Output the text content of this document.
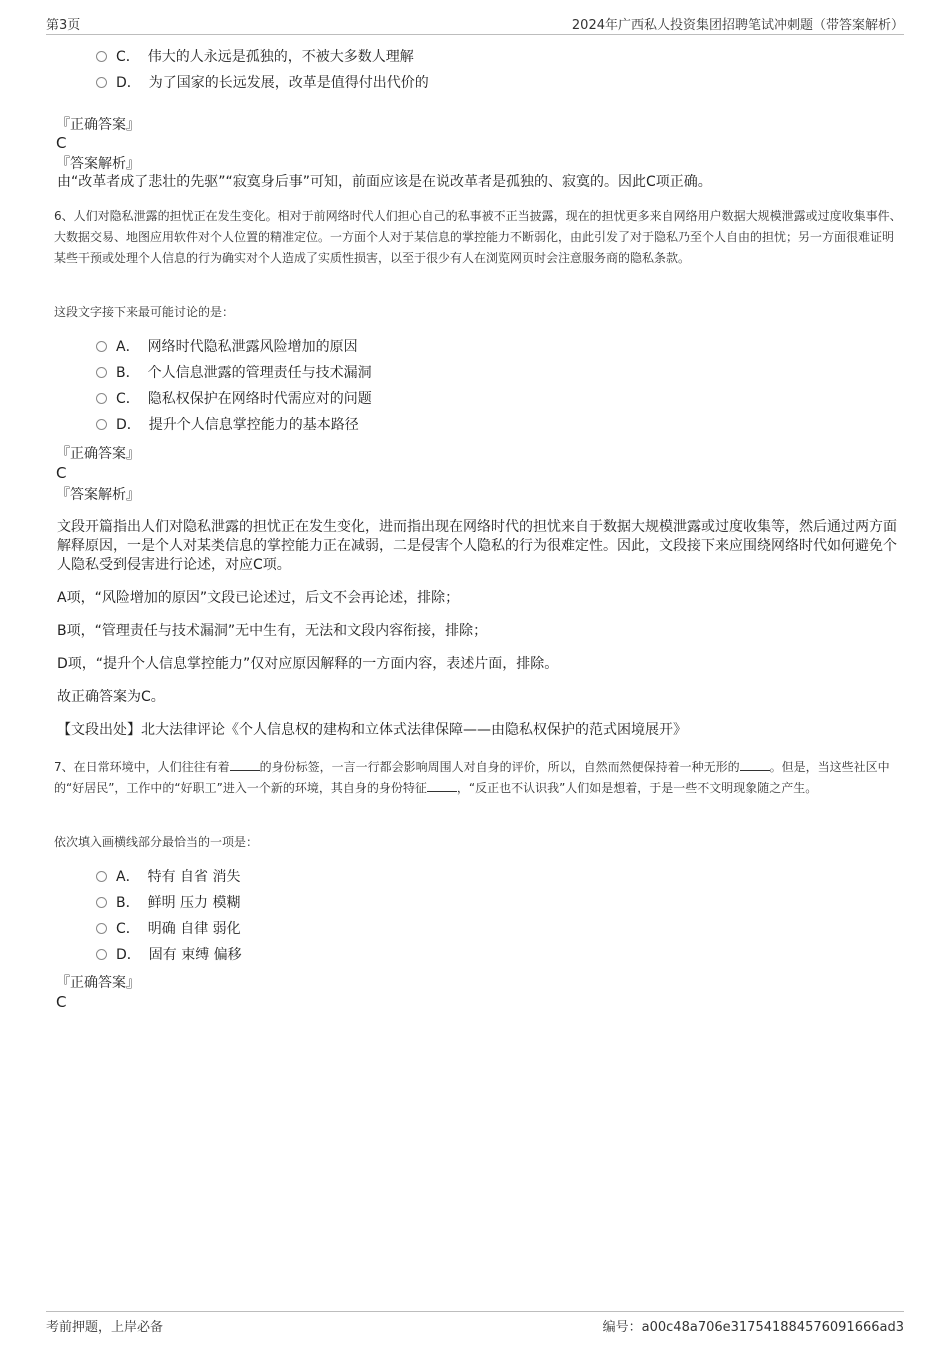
第3页	2024年广西私人投资集团招聘笔试冲刺题（带答案解析）
C． 伟大的人永远是孤独的，不被大多数人理解
D． 为了国家的长远发展，改革是值得付出代价的
『正确答案』
C
『答案解析』
由“改革者成了悲壮的先驱”“寂寞身后事”可知，前面应该是在说改革者是孤独的、寂寞的。因此C项正确。
6、人们对隐私泄露的担忧正在发生变化。相对于前网络时代人们担心自己的私事被不正当披露，现在的担忧更多来自网络用户数据大规模泄露或过度收集事件、大数据交易、地图应用软件对个人位置的精准定位。一方面个人对于某信息的掌控能力不断弱化，由此引发了对于隐私乃至个人自由的担忧；另一方面很难证明某些干预或处理个人信息的行为确实对个人造成了实质性损害，以至于很少有人在浏览网页时会注意服务商的隐私条款。
这段文字接下来最可能讨论的是：
A． 网络时代隐私泄露风险增加的原因
B． 个人信息泄露的管理责任与技术漏洞
C． 隐私权保护在网络时代需应对的问题
D． 提升个人信息掌控能力的基本路径
『正确答案』
C
『答案解析』
文段开篇指出人们对隐私泄露的担忧正在发生变化，进而指出现在网络时代的担忧来自于数据大规模泄露或过度收集等，然后通过两方面解释原因，一是个人对某类信息的掌控能力正在减弱，二是侵害个人隐私的行为很难定性。因此，文段接下来应围绕网络时代如何避免个人隐私受到侵害进行论述，对应C项。
A项，“风险增加的原因”文段已论述过，后文不会再论述，排除；
B项，“管理责任与技术漏洞”无中生有，无法和文段内容衔接，排除；
D项，“提升个人信息掌控能力”仅对应原因解释的一方面内容，表述片面，排除。
故正确答案为C。
【文段出处】北大法律评论《个人信息权的建构和立体式法律保障——由隐私权保护的范式困境展开》
7、在日常环境中，人们往往有着	的身份标签，一言一行都会影响周围人对自身的评价，所以，自然而然便保持着一种无形的	。但是，当这些社区中的“好居民”，工作中的“好职工”进入一个新的环境，其自身的身份特征	，“反正也不认识我”人们如是想着，于是一些不文明现象随之产生。
依次填入画横线部分最恰当的一项是：
A． 特有 自省 消失
B． 鲜明 压力 模糊
C． 明确 自律 弱化
D． 固有 束缚 偏移
『正确答案』
C
考前押题，上岸必备	编号：a00c48a706e317541884576091666ad3
